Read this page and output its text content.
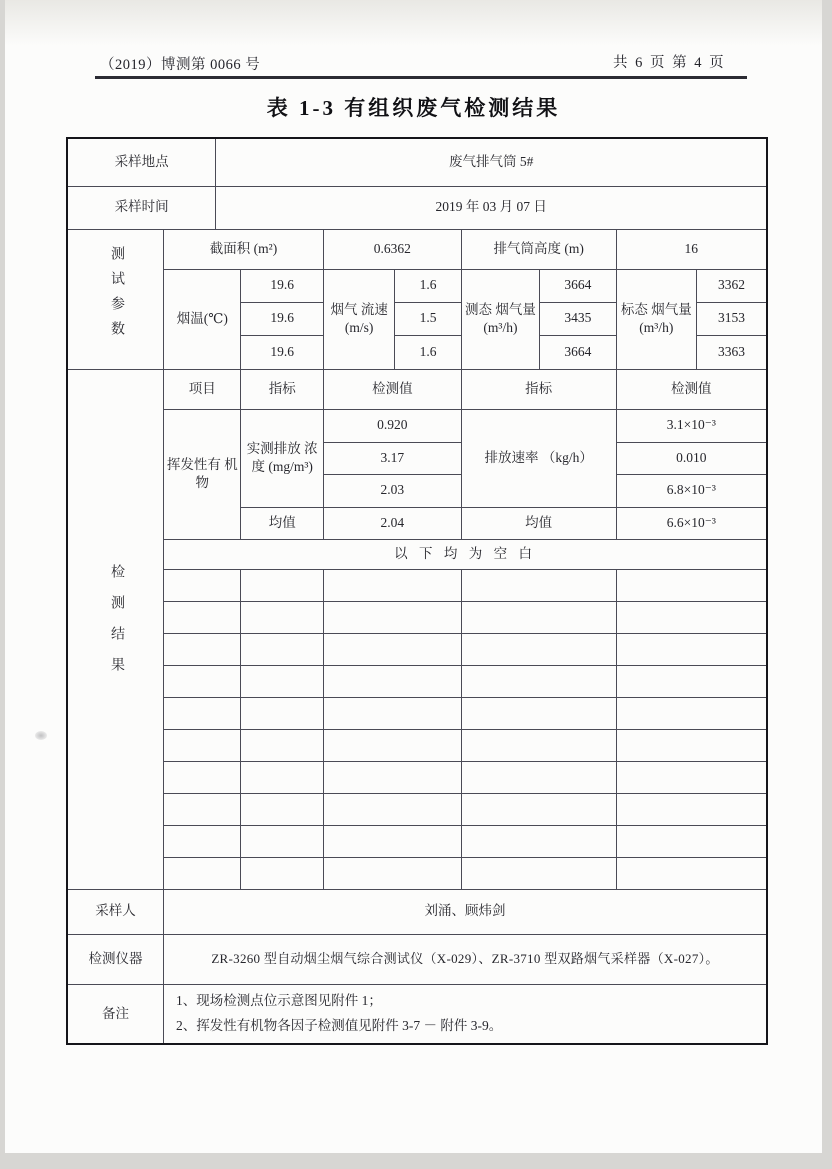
（2019）博测第 0066 号	共 6 页 第 4 页
表 1-3 有组织废气检测结果
采样地点		废气排气筒 5#							
采样时间		2019 年 03 月 07 日							
测试参数	截面积 (m²)			0.6362		排气筒高度 (m)		16	
	烟温(℃)		19.6	烟气 流速 (m/s)	1.6	测态 烟气量 (m³/h)	3664	标态 烟气量 (m³/h)	3362
			19.6		1.5		3435		3153
			19.6		1.6		3664		3363
检测结果	项目		指标	检测值		指标		检测值	
	挥发性有 机物		实测排放 浓度 (mg/m³)	0.920		排放速率 （kg/h）		3.1×10⁻³	
				3.17				0.010	
				2.03				6.8×10⁻³	
			均值	2.04		均值		6.6×10⁻³	
	以 下 均 为 空 白								

采样人	刘涌、顾炜剑								
检测仪器	ZR-3260 型自动烟尘烟气综合测试仪（X-029）、ZR-3710 型双路烟气采样器（X-027）。								
备注	1、现场检测点位示意图见附件 1；
2、挥发性有机物各因子检测值见附件 3-7 － 附件 3-9。								
